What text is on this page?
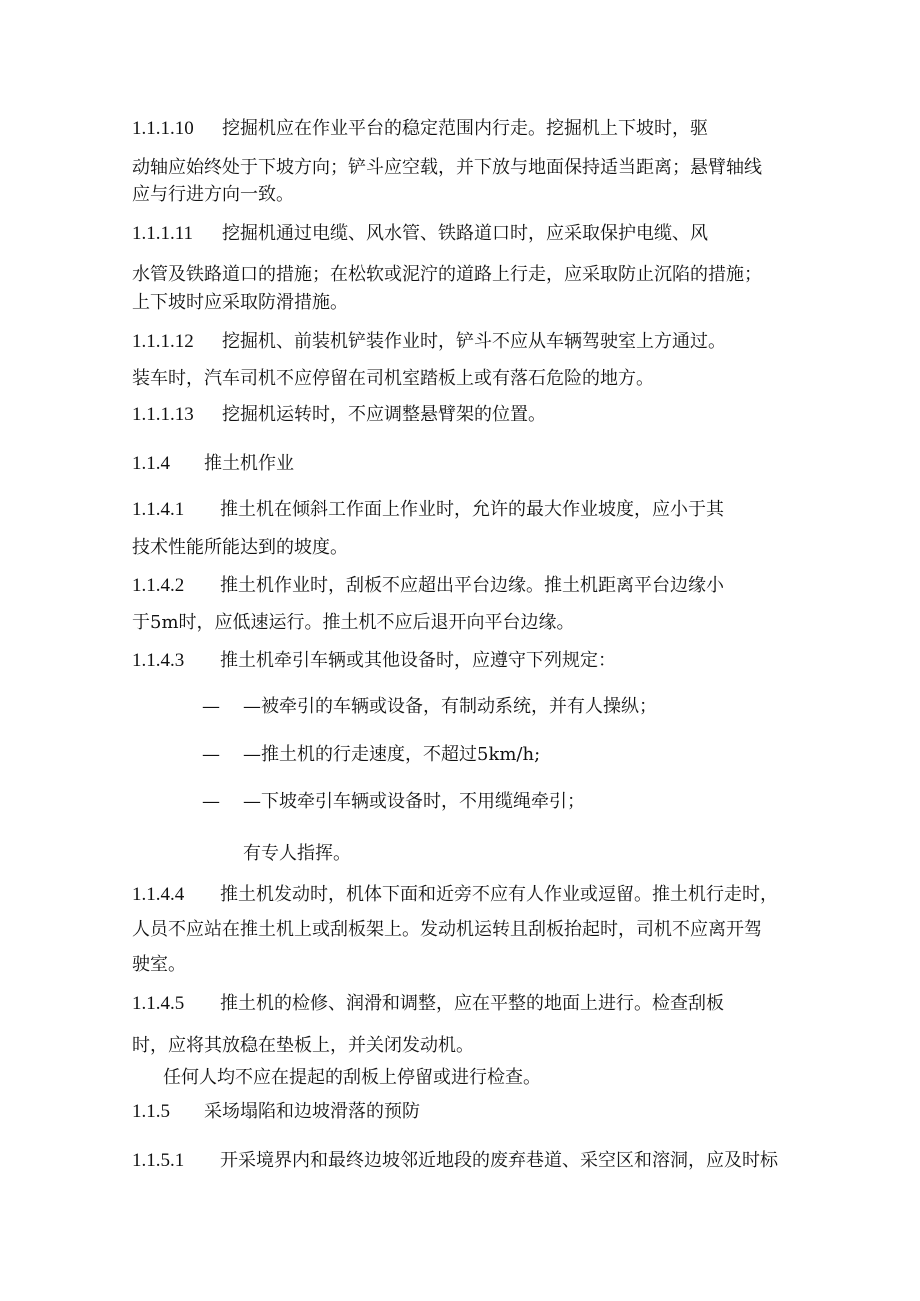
1.1.1.10 挖掘机应在作业平台的稳定范围内行走。挖掘机上下坡时，驱
动轴应始终处于下坡方向；铲斗应空载，并下放与地面保持适当距离；悬臂轴线
应与行进方向一致。
1.1.1.11 挖掘机通过电缆、风水管、铁路道口时，应采取保护电缆、风
水管及铁路道口的措施；在松软或泥泞的道路上行走，应采取防止沉陷的措施；
上下坡时应采取防滑措施。
1.1.1.12 挖掘机、前装机铲装作业时，铲斗不应从车辆驾驶室上方通过。
装车时，汽车司机不应停留在司机室踏板上或有落石危险的地方。
1.1.1.13 挖掘机运转时，不应调整悬臂架的位置。
1.1.4 推土机作业
1.1.4.1 推土机在倾斜工作面上作业时，允许的最大作业坡度，应小于其
技术性能所能达到的坡度。
1.1.4.2 推土机作业时，刮板不应超出平台边缘。推土机距离平台边缘小
于5m时，应低速运行。推土机不应后退开向平台边缘。
1.1.4.3 推土机牵引车辆或其他设备时，应遵守下列规定：
— —被牵引的车辆或设备，有制动系统，并有人操纵；
— —推土机的行走速度，不超过5km/h;
— —下坡牵引车辆或设备时，不用缆绳牵引；
有专人指挥。
1.1.4.4 推土机发动时，机体下面和近旁不应有人作业或逗留。推土机行走时，
人员不应站在推土机上或刮板架上。发动机运转且刮板抬起时，司机不应离开驾
驶室。
1.1.4.5 推土机的检修、润滑和调整，应在平整的地面上进行。检查刮板
时，应将其放稳在垫板上，并关闭发动机。
任何人均不应在提起的刮板上停留或进行检查。
1.1.5 采场塌陷和边坡滑落的预防
1.1.5.1 开采境界内和最终边坡邻近地段的废弃巷道、采空区和溶洞，应及时标
